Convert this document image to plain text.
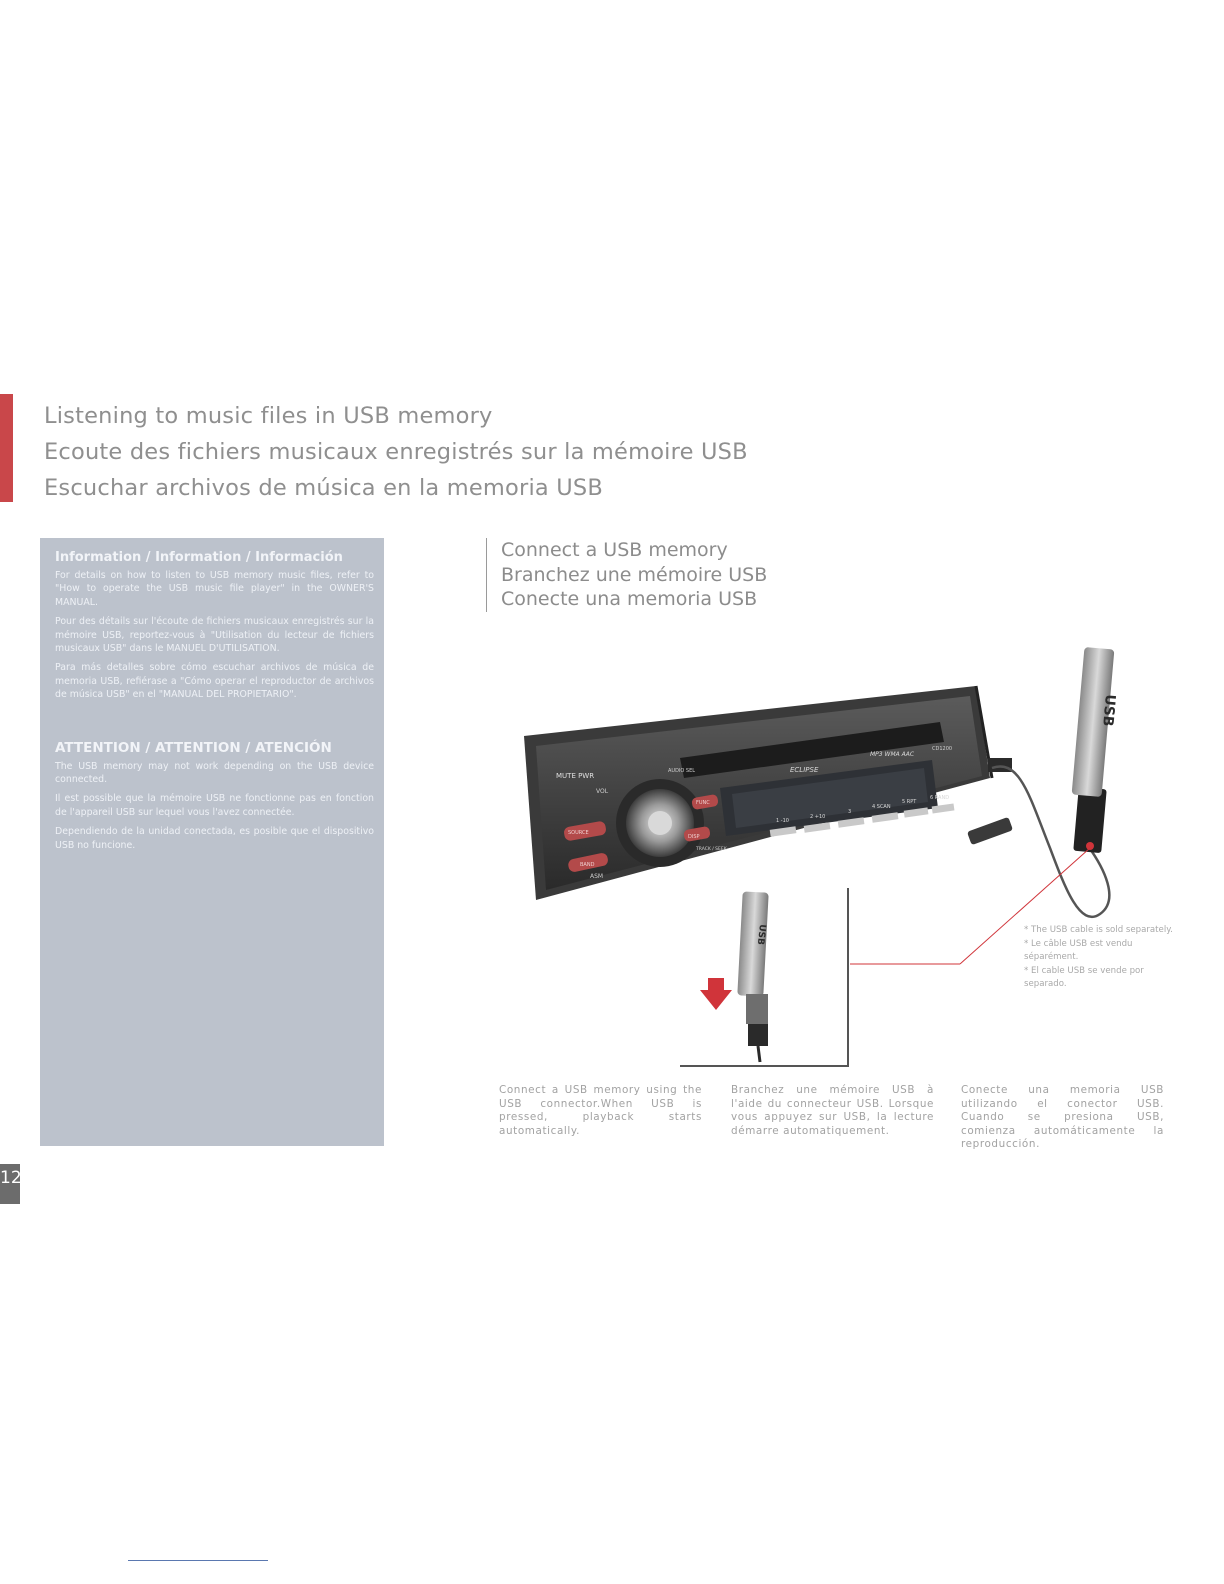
Listening to music files in USB memory
Ecoute des fichiers musicaux enregistrés sur la mémoire USB
Escuchar archivos de música en la memoria USB
Information / Information / Información

For details on how to listen to USB memory music files, refer to "How to operate the USB music file player" in the OWNER'S MANUAL.

Pour des détails sur l'écoute de fichiers musicaux enregistrés sur la mémoire USB, reportez-vous à "Utilisation du lecteur de fichiers musicaux USB" dans le MANUEL D'UTILISATION.

Para más detalles sobre cómo escuchar archivos de música de memoria USB, refiérase a "Cómo operar el reproductor de archivos de música USB" en el "MANUAL DEL PROPIETARIO".

ATTENTION / ATTENTION / ATENCIÓN

The USB memory may not work depending on the USB device connected.

Il est possible que la mémoire USB ne fonctionne pas en fonction de l'appareil USB sur lequel vous l'avez connectée.

Dependiendo de la unidad conectada, es posible que el dispositivo USB no funcione.

Connect a USB memory
Branchez une mémoire USB
Conecte una memoria USB
MUTE PWR
VOL
SOURCE
BAND
ASM
DISP
FUNC
AUDIO SEL
TRACK / SEEK
ECLIPSE
MP3 WMA AAC
CD1200
1 -10
2 +10
3
4 SCAN
5 RPT
6 RAND
USB
USB	* The USB cable is sold separately.
* Le câble USB est vendu séparément.
* El cable USB se vende por separado.
Connect a USB memory using the USB connector.When USB is pressed, playback starts automatically.
Branchez une mémoire USB à l'aide du connecteur USB. Lorsque vous appuyez sur USB, la lecture démarre automatiquement.
Conecte una memoria USB utilizando el conector USB. Cuando se presiona USB, comienza automáticamente la reproducción.
12
